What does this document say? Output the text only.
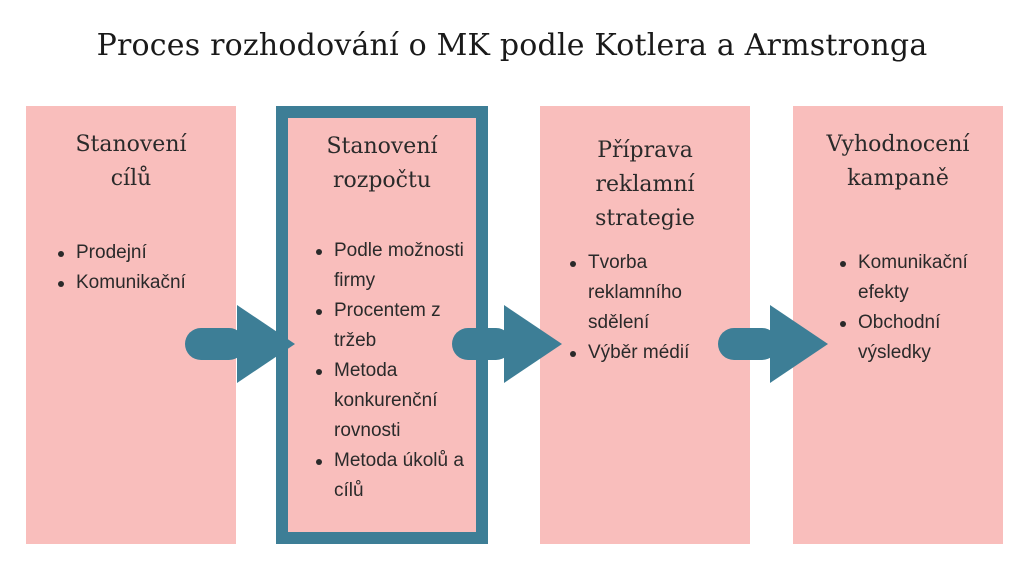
Proces rozhodování o MK podle Kotlera a Armstronga
Stanovení
cílů
Prodejní
Komunikační
Stanovení
rozpočtu
Podle možnosti firmy
Procentem z tržeb
Metoda konkurenční rovnosti
Metoda úkolů a cílů
Příprava
reklamní
strategie
Tvorba reklamního sdělení
Výběr médií
Vyhodnocení
kampaně
Komunikační efekty
Obchodní výsledky
